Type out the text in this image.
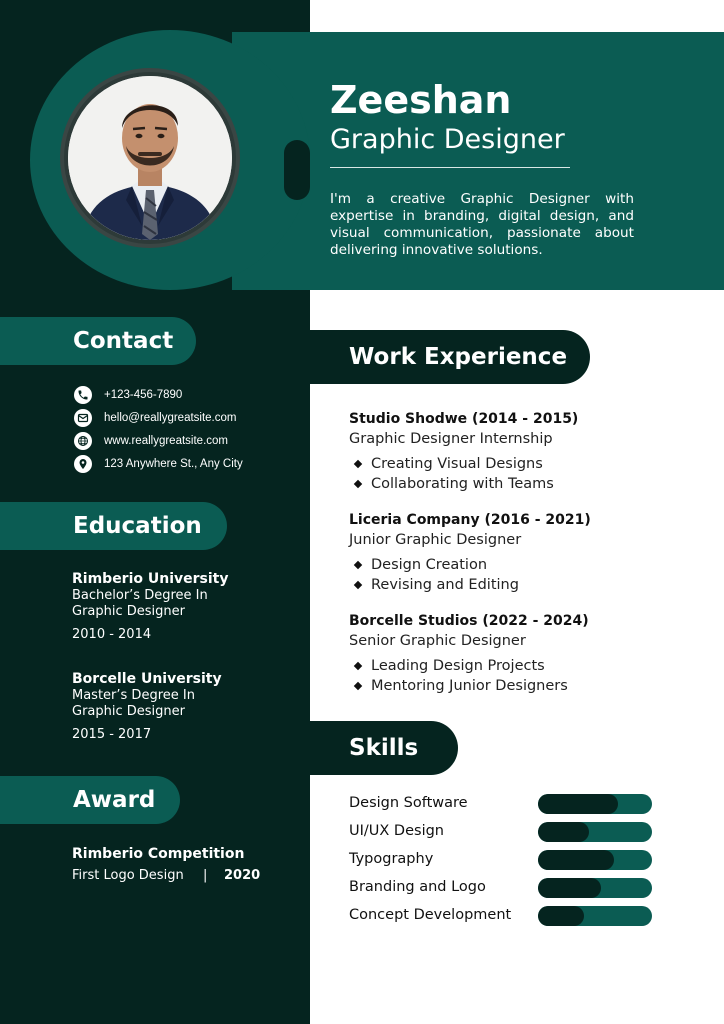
Zeeshan
Graphic Designer
I'm a creative Graphic Designer with expertise in branding, digital design, and visual communication, passionate about delivering innovative solutions.
Contact
+123-456-7890
hello@reallygreatsite.com
www.reallygreatsite.com
123 Anywhere St., Any City
Education
Rimberio University
Bachelor’s Degree In
Graphic Designer
2010 - 2014
Borcelle University
Master’s Degree In
Graphic Designer
2015 - 2017
Award
Rimberio Competition
First Logo Design | 2020
Work Experience
Studio Shodwe (2014 - 2015)
Graphic Designer Internship
Creating Visual Designs
Collaborating with Teams
Liceria Company (2016 - 2021)
Junior Graphic Designer
Design Creation
Revising and Editing
Borcelle Studios (2022 - 2024)
Senior Graphic Designer
Leading Design Projects
Mentoring Junior Designers
Skills
Design Software
UI/UX Design
Typography
Branding and Logo
Concept Development
